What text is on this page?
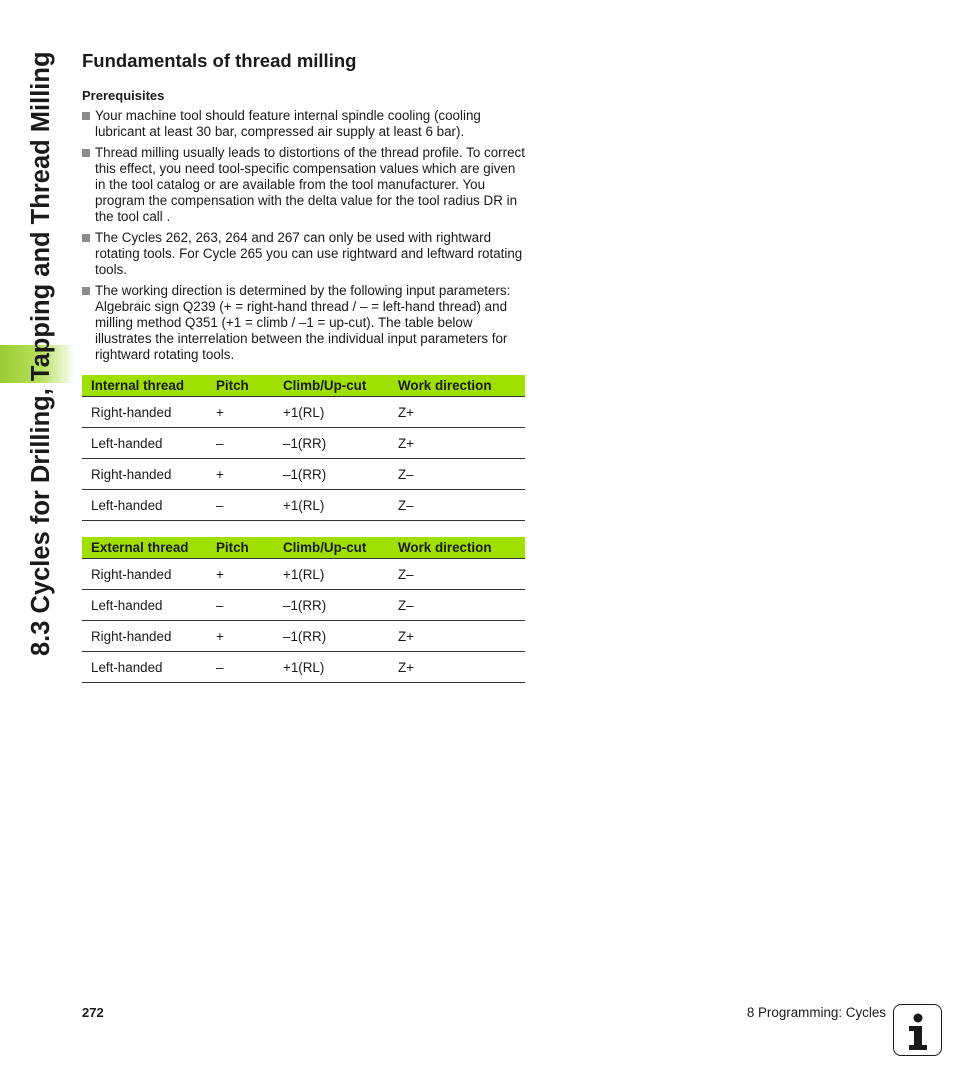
8.3 Cycles for Drilling, Tapping and Thread Milling Fundamentals of thread milling
Prerequisites
Your machine tool should feature internal spindle cooling (cooling lubricant at least 30 bar, compressed air supply at least 6 bar).
Thread milling usually leads to distortions of the thread profile. To correct this effect, you need tool-specific compensation values which are given in the tool catalog or are available from the tool manufacturer. You program the compensation with the delta value for the tool radius DR in the tool call .
The Cycles 262, 263, 264 and 267 can only be used with rightward rotating tools. For Cycle 265 you can use rightward and leftward rotating tools.
The working direction is determined by the following input parameters: Algebraic sign Q239 (+ = right-hand thread / – = left-hand thread) and milling method Q351 (+1 = climb / –1 = up-cut). The table below illustrates the interrelation between the individual input parameters for rightward rotating tools.
Internal thread	Pitch	Climb/Up-cut	Work direction
Right-handed	+	+1(RL)	Z+
Left-handed	–	–1(RR)	Z+
Right-handed	+	–1(RR)	Z–
Left-handed	–	+1(RL)	Z–
External thread	Pitch	Climb/Up-cut	Work direction
Right-handed	+	+1(RL)	Z–
Left-handed	–	–1(RR)	Z–
Right-handed	+	–1(RR)	Z+
Left-handed	–	+1(RL)	Z+
272	8 Programming: Cycles
